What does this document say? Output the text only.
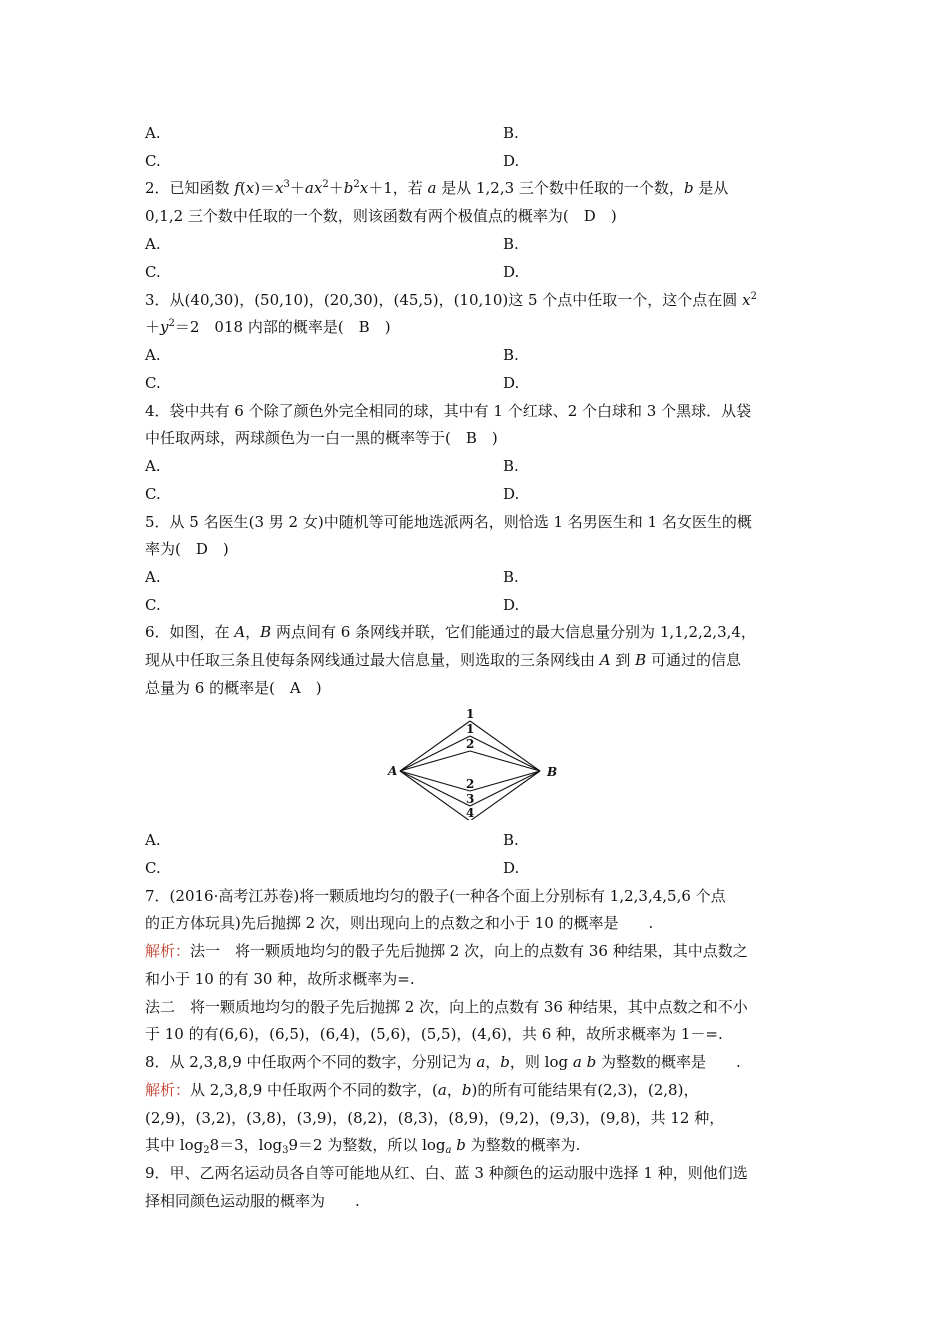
A.	B.
C.	D.
2．已知函数 $f(x)=x^3+ax^2+b^2x+1$，若 a 是从 1,2,3 三个数中任取的一个数，b 是从
0,1,2 三个数中任取的一个数，则该函数有两个极值点的概率为(　D　)
A.	B.
C.	D.
3．从(40,30)，(50,10)，(20,30)，(45,5)，(10,10)这 5 个点中任取一个，这个点在圆 $x^2$
$+y^2=2$　018 内部的概率是(　B　)
A.	B.
C.	D.
4．袋中共有 6 个除了颜色外完全相同的球，其中有 1 个红球、2 个白球和 3 个黑球．从袋
中任取两球，两球颜色为一白一黑的概率等于(　B　)
A.	B.
C.	D.
5．从 5 名医生(3 男 2 女)中随机等可能地选派两名，则恰选 1 名男医生和 1 名女医生的概
率为(　D　)
A.	B.
C.	D.
6．如图，在 A，B 两点间有 6 条网线并联，它们能通过的最大信息量分别为 1,1,2,2,3,4，
现从中任取三条且使每条网线通过最大信息量，则选取的三条网线由 A 到 B 可通过的信息
总量为 6 的概率是(　A　)
A	B
1
1
2
2
3
4
A.	B.
C.	D.
7．(2016·高考江苏卷)将一颗质地均匀的骰子(一种各个面上分别标有 1,2,3,4,5,6 个点
的正方体玩具)先后抛掷 2 次，则出现向上的点数之和小于 10 的概率是　　.
解析：法一　将一颗质地均匀的骰子先后抛掷 2 次，向上的点数有 36 种结果，其中点数之
和小于 10 的有 30 种，故所求概率为=.
法二　将一颗质地均匀的骰子先后抛掷 2 次，向上的点数有 36 种结果，其中点数之和不小
于 10 的有(6,6)，(6,5)，(6,4)，(5,6)，(5,5)，(4,6)，共 6 种，故所求概率为 1－=.
8．从 2,3,8,9 中任取两个不同的数字，分别记为 a，b，则 log a b 为整数的概率是　　.
解析：从 2,3,8,9 中任取两个不同的数字，(a，b)的所有可能结果有(2,3)，(2,8)，
(2,9)，(3,2)，(3,8)，(3,9)，(8,2)，(8,3)，(8,9)，(9,2)，(9,3)，(9,8)，共 12 种，
其中 $\log_28=3$，$\log_39=2$ 为整数，所以 $\log_a b$ 为整数的概率为.
9．甲、乙两名运动员各自等可能地从红、白、蓝 3 种颜色的运动服中选择 1 种，则他们选
择相同颜色运动服的概率为　　.
